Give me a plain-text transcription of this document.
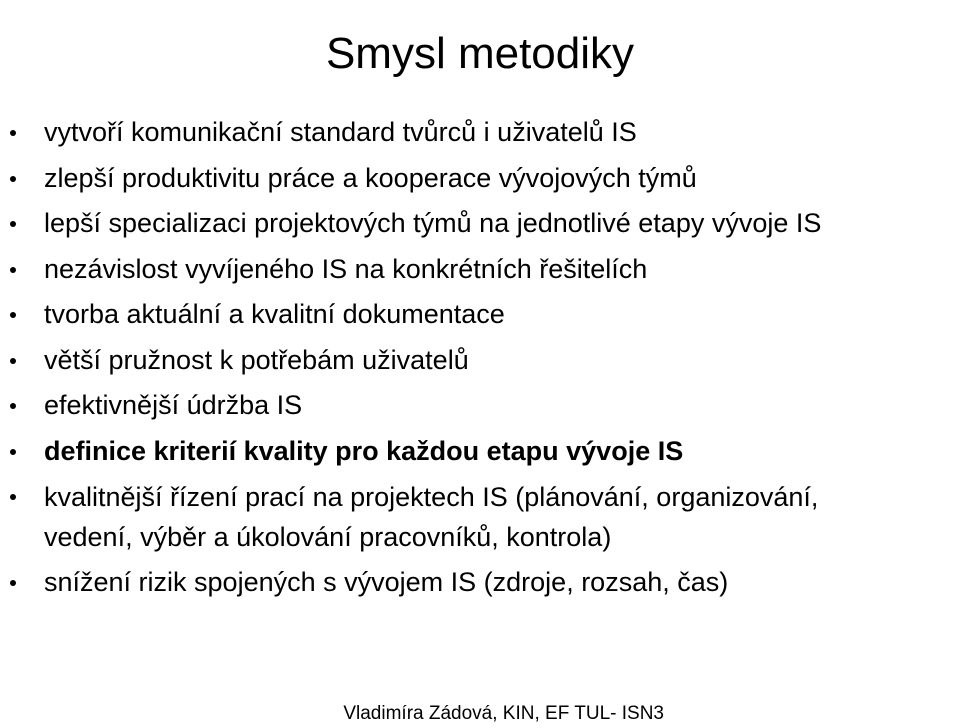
Smysl metodiky
vytvoří komunikační standard tvůrců i uživatelů IS
zlepší produktivitu práce a kooperace vývojových týmů
lepší specializaci projektových týmů na jednotlivé etapy vývoje IS
nezávislost vyvíjeného IS na konkrétních řešitelích
tvorba aktuální a kvalitní dokumentace
větší pružnost k potřebám uživatelů
efektivnější údržba IS
definice kriterií kvality pro každou etapu vývoje IS
kvalitnější řízení prací na projektech IS (plánování, organizování,
vedení, výběr a úkolování pracovníků, kontrola)
snížení rizik spojených s vývojem IS (zdroje, rozsah, čas)
Vladimíra Zádová, KIN, EF TUL- ISN3
